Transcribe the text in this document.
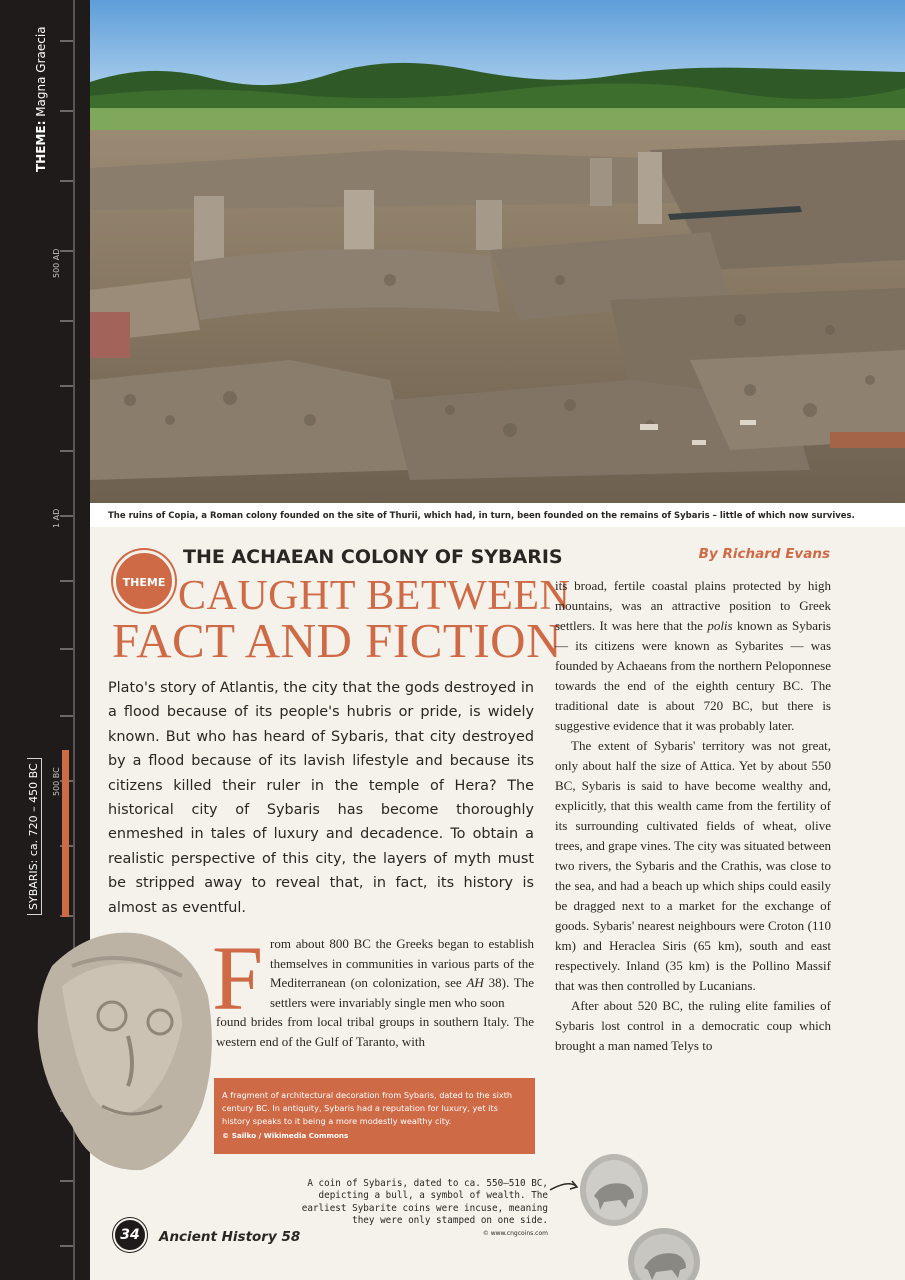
THEME: Magna Graecia
500 AD
1 AD
500 BC
SYBARIS: ca. 720 – 450 BC
The ruins of Copia, a Roman colony founded on the site of Thurii, which had, in turn, been founded on the remains of Sybaris – little of which now survives.
THEME
THE ACHAEAN COLONY OF SYBARIS
CAUGHT BETWEEN
FACT AND FICTION
By Richard Evans
Plato's story of Atlantis, the city that the gods destroyed in a flood because of its people's hubris or pride, is widely known. But who has heard of Sybaris, that city destroyed by a flood because of its lavish lifestyle and because its citizens killed their ruler in the temple of Hera? The historical city of Sybaris has become thoroughly enmeshed in tales of luxury and decadence. To obtain a realistic perspective of this city, the layers of myth must be stripped away to reveal that, in fact, its history is almost as eventful.
F rom about 800 BC the Greeks began to establish themselves in communities in various parts of the Mediterranean (on colonization, see AH 38). The settlers were invariably single men who soon

found brides from local tribal groups in southern Italy. The western end of the Gulf of Taranto, with

its broad, fertile coastal plains protected by high mountains, was an attractive position to Greek settlers. It was here that the polis known as Sybaris — its citizens were known as Sybarites — was founded by Achaeans from the northern Peloponnese towards the end of the eighth century BC. The traditional date is about 720 BC, but there is suggestive evidence that it was probably later.

The extent of Sybaris' territory was not great, only about half the size of Attica. Yet by about 550 BC, Sybaris is said to have become wealthy and, explicitly, that this wealth came from the fertility of its surrounding cultivated fields of wheat, olive trees, and grape vines. The city was situated between two rivers, the Sybaris and the Crathis, was close to the sea, and had a beach up which ships could easily be dragged next to a market for the exchange of goods. Sybaris' nearest neighbours were Croton (110 km) and Heraclea Siris (65 km), south and east respectively. Inland (35 km) is the Pollino Massif that was then controlled by Lucanians.

After about 520 BC, the ruling elite families of Sybaris lost control in a democratic coup which brought a man named Telys to

A fragment of architectural decoration from Sybaris, dated to the sixth century BC. In antiquity, Sybaris had a reputation for luxury, yet its history speaks to it being a more modestly wealthy city.
© Sailko / Wikimedia Commons
A coin of Sybaris, dated to ca. 550–510 BC,
depicting a bull, a symbol of wealth. The
earliest Sybarite coins were incuse, meaning
they were only stamped on one side.
© www.cngcoins.com
34	Ancient History 58
